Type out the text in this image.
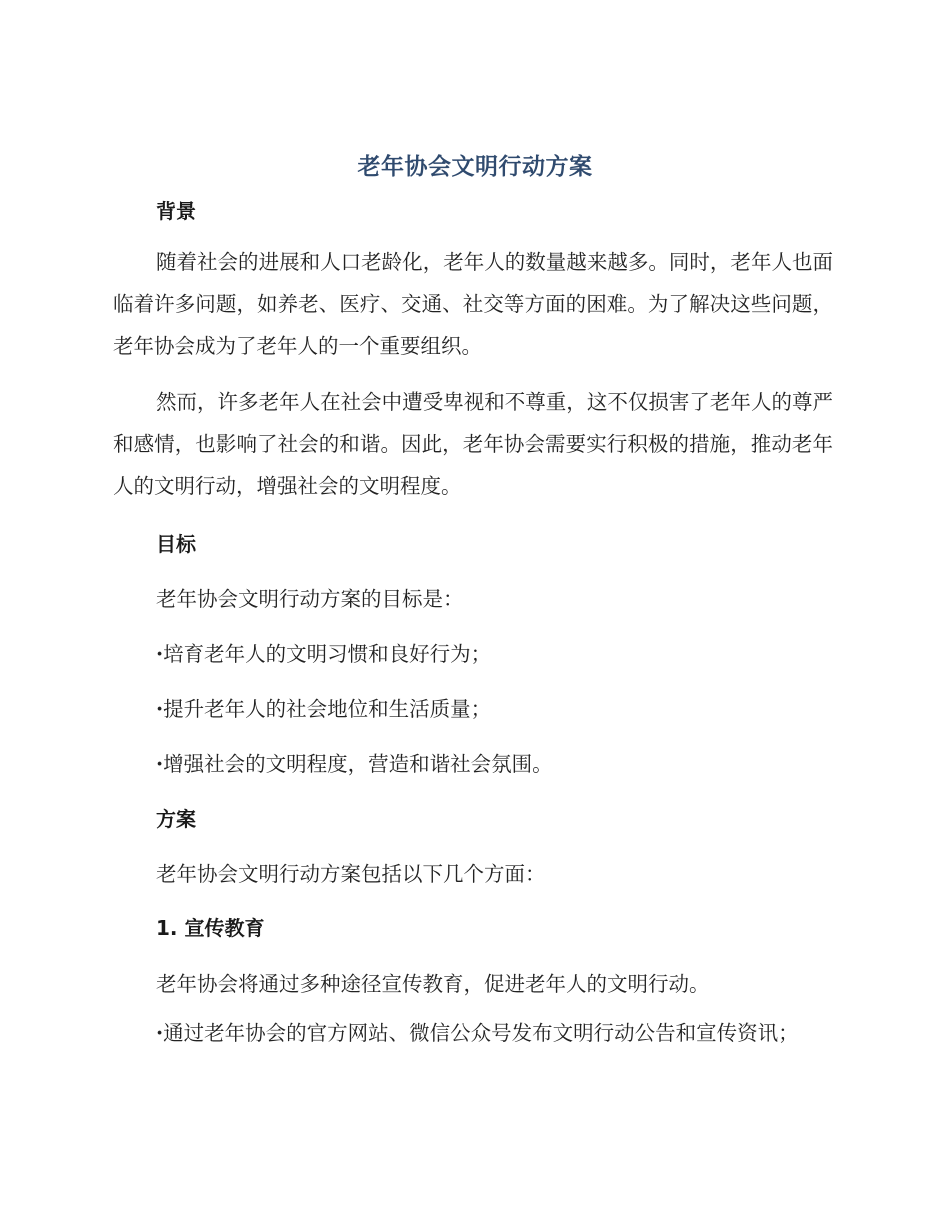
老年协会文明行动方案
背景
随着社会的进展和人口老龄化，老年人的数量越来越多。同时，老年人也面临着许多问题，如养老、医疗、交通、社交等方面的困难。为了解决这些问题，老年协会成为了老年人的一个重要组织。
然而，许多老年人在社会中遭受卑视和不尊重，这不仅损害了老年人的尊严和感情，也影响了社会的和谐。因此，老年协会需要实行积极的措施，推动老年人的文明行动，增强社会的文明程度。
目标
老年协会文明行动方案的目标是：
·培育老年人的文明习惯和良好行为；
·提升老年人的社会地位和生活质量；
·增强社会的文明程度，营造和谐社会氛围。
方案
老年协会文明行动方案包括以下几个方面：
1. 宣传教育
老年协会将通过多种途径宣传教育，促进老年人的文明行动。
·通过老年协会的官方网站、微信公众号发布文明行动公告和宣传资讯；
